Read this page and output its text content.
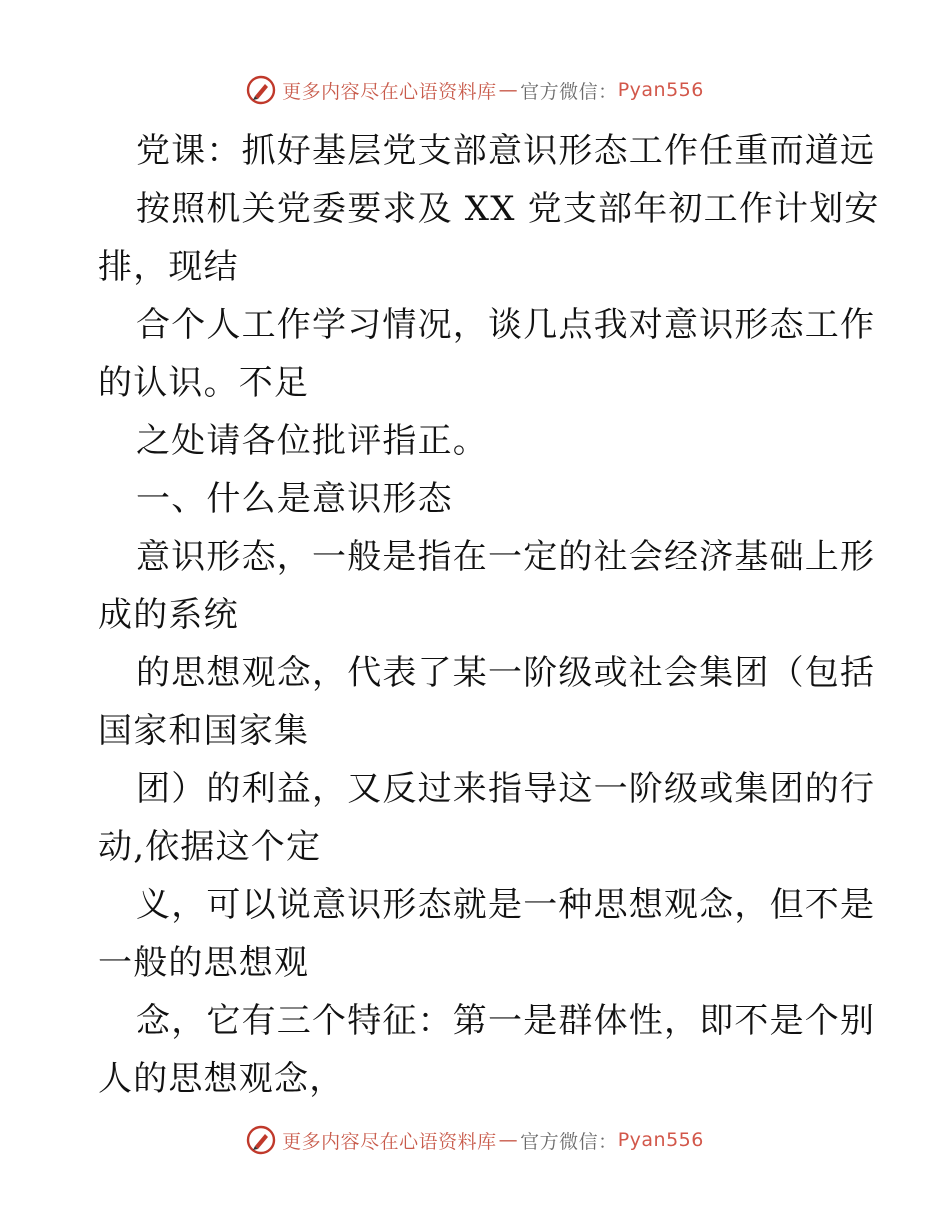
更多内容尽在心语资料库 — 官方微信： Pyan556
党课：抓好基层党支部意识形态工作任重而道远
按照机关党委要求及 XX 党支部年初工作计划安
排，现结
合个人工作学习情况，谈几点我对意识形态工作
的认识。不足
之处请各位批评指正。
一、什么是意识形态
意识形态，一般是指在一定的社会经济基础上形
成的系统
的思想观念，代表了某一阶级或社会集团（包括
国家和国家集
团）的利益，又反过来指导这一阶级或集团的行
动,依据这个定
义，可以说意识形态就是一种思想观念，但不是
一般的思想观
念，它有三个特征：第一是群体性，即不是个别
人的思想观念，
更多内容尽在心语资料库 — 官方微信： Pyan556
